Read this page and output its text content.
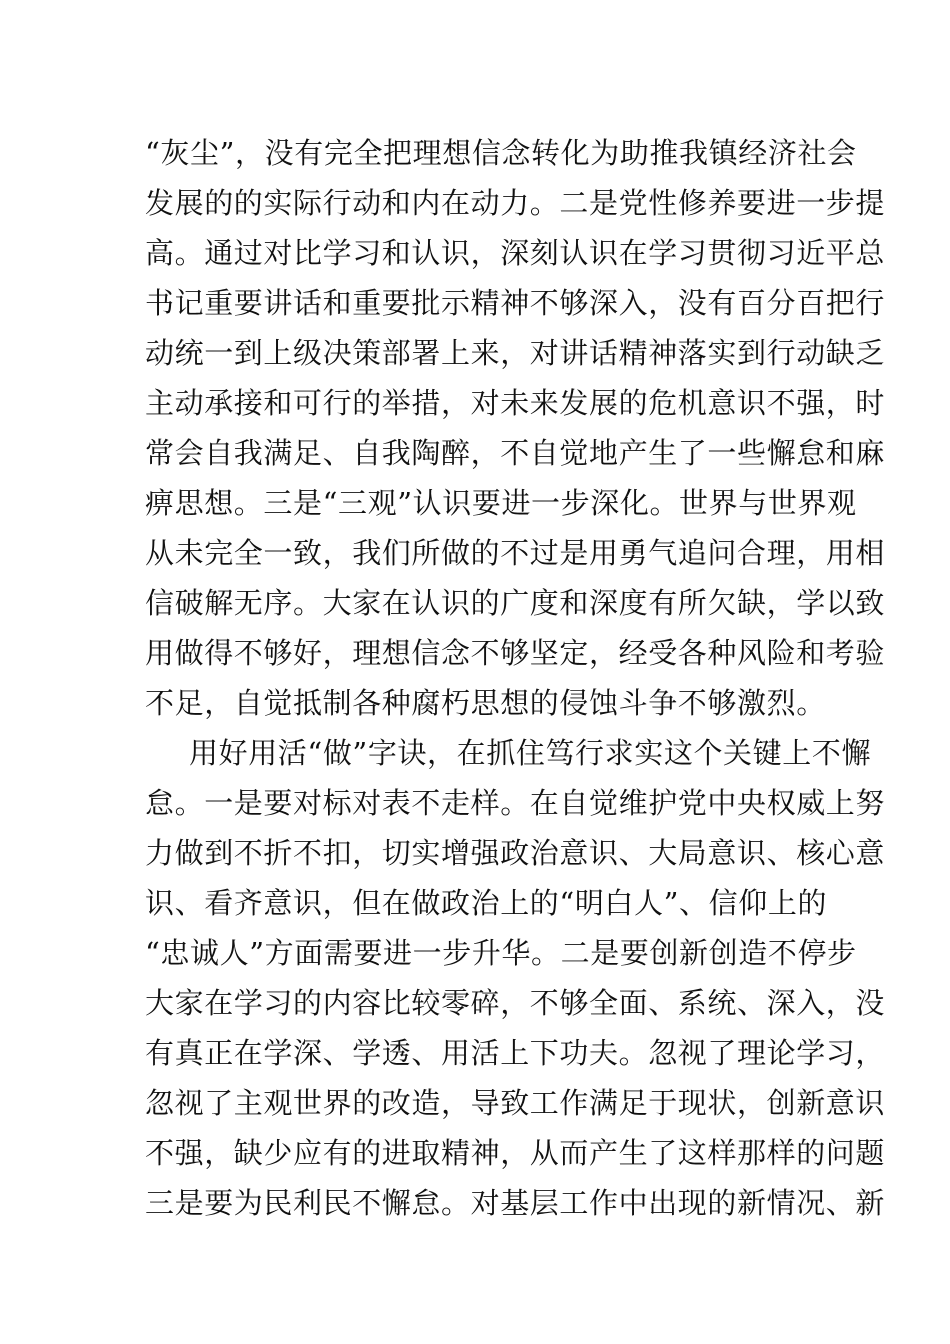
“灰尘”，没有完全把理想信念转化为助推我镇经济社会
发展的的实际行动和内在动力。二是党性修养要进一步提
高。通过对比学习和认识，深刻认识在学习贯彻习近平总
书记重要讲话和重要批示精神不够深入，没有百分百把行
动统一到上级决策部署上来，对讲话精神落实到行动缺乏
主动承接和可行的举措，对未来发展的危机意识不强，时
常会自我满足、自我陶醉，不自觉地产生了一些懈怠和麻
痹思想。三是“三观”认识要进一步深化。世界与世界观
从未完全一致，我们所做的不过是用勇气追问合理，用相
信破解无序。大家在认识的广度和深度有所欠缺，学以致
用做得不够好，理想信念不够坚定，经受各种风险和考验
不足，自觉抵制各种腐朽思想的侵蚀斗争不够激烈。
用好用活“做”字诀，在抓住笃行求实这个关键上不懈
怠。一是要对标对表不走样。在自觉维护党中央权威上努
力做到不折不扣，切实增强政治意识、大局意识、核心意
识、看齐意识，但在做政治上的“明白人”、信仰上的
“忠诚人”方面需要进一步升华。二是要创新创造不停步
大家在学习的内容比较零碎，不够全面、系统、深入，没
有真正在学深、学透、用活上下功夫。忽视了理论学习，
忽视了主观世界的改造，导致工作满足于现状，创新意识
不强，缺少应有的进取精神，从而产生了这样那样的问题
三是要为民利民不懈怠。对基层工作中出现的新情况、新
